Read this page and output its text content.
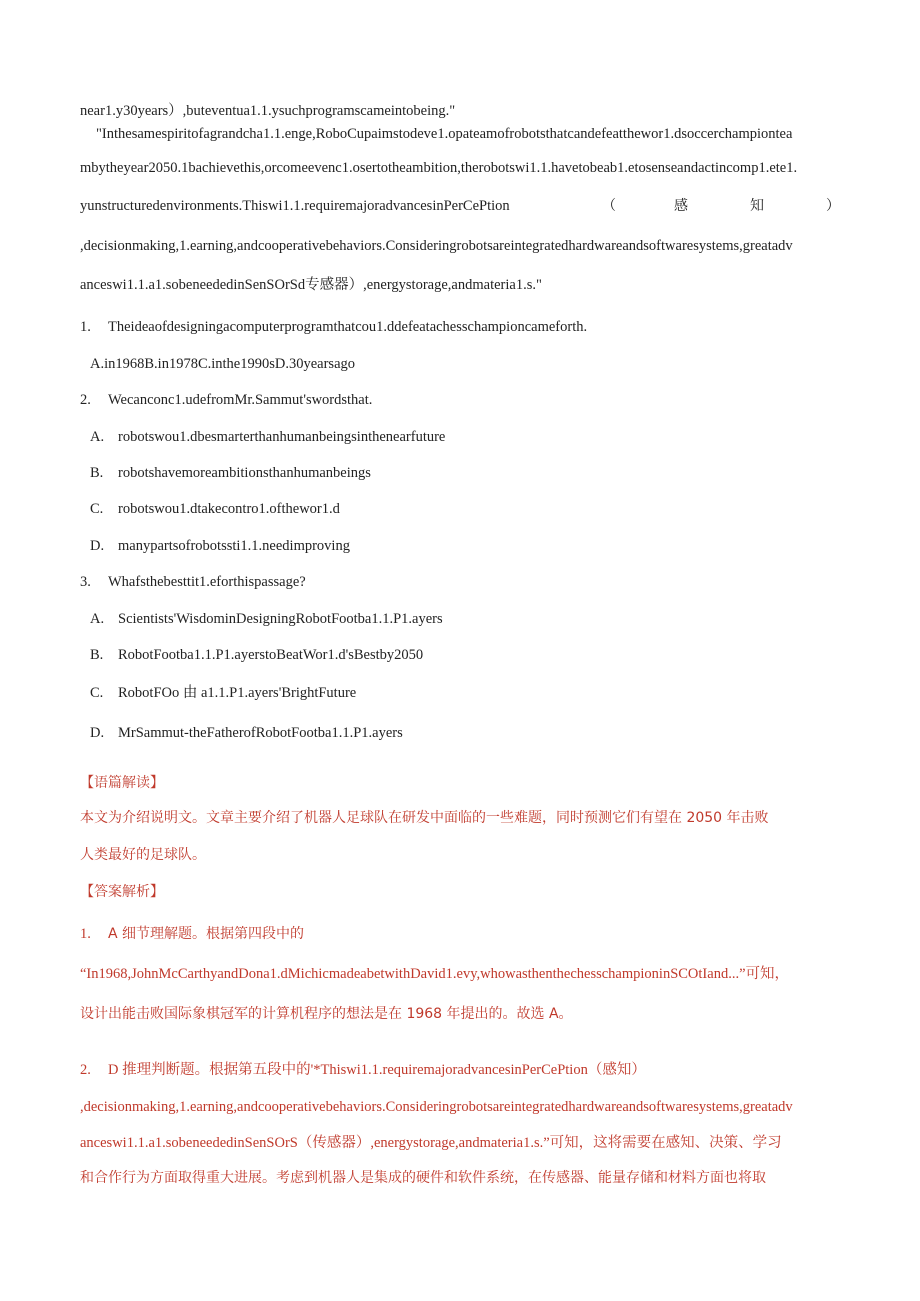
near1.y30years）,buteventua1.1.ysuchprogramscameintobeing."
"Inthesamespiritofagrandcha1.1.enge,RoboCupaimstodeve1.opateamofrobotsthatcandefeatthewor1.dsoccerchampiontea
mbytheyear2050.1bachievethis,orcomeevenc1.osertotheambition,therobotswi1.1.havetobeab1.etosenseandactincomp1.ete1.
yunstructuredenvironments.Thiswi1.1.requiremajoradvancesinPerCePtion	（	感	知	）
,decisionmaking,1.earning,andcooperativebehaviors.Consideringrobotsareintegratedhardwareandsoftwaresystems,greatadv
anceswi1.1.a1.sobeneededinSenSOrSd专感器）,energystorage,andmateria1.s."
1. Theideaofdesigningacomputerprogramthatcou1.ddefeatachesschampioncameforth.
A.in1968B.in1978C.inthe1990sD.30yearsago
2. Wecanconc1.udefromMr.Sammut'swordsthat.
A. robotswou1.dbesmarterthanhumanbeingsinthenearfuture
B. robotshavemoreambitionsthanhumanbeings
C. robotswou1.dtakecontro1.ofthewor1.d
D. manypartsofrobotssti1.1.needimproving
3. Whafsthebesttit1.eforthispassage?
A. Scientists'WisdominDesigningRobotFootba1.1.P1.ayers
B. RobotFootba1.1.P1.ayerstoBeatWor1.d'sBestby2050
C. RobotFOo 由 a1.1.P1.ayers'BrightFuture
D. MrSammut-theFatherofRobotFootba1.1.P1.ayers
【语篇解读】
本文为介绍说明文。文章主要介绍了机器人足球队在研发中面临的一些难题，同时预测它们有望在 2050 年击败
人类最好的足球队。
【答案解析】
1. A 细节理解题。根据第四段中的
“In1968,JohnMcCarthyandDona1.dMichicmadeabetwithDavid1.evy,whowasthenthechesschampioninSCOtIand...”可知，
设计出能击败国际象棋冠军的计算机程序的想法是在 1968 年提出的。故选 A。
2. D 推理判断题。根据第五段中的'*Thiswi1.1.requiremajoradvancesinPerCePtion（感知）
,decisionmaking,1.earning,andcooperativebehaviors.Consideringrobotsareintegratedhardwareandsoftwaresystems,greatadv
anceswi1.1.a1.sobeneededinSenSOrS（传感器）,energystorage,andmateria1.s.”可知，这将需要在感知、决策、学习
和合作行为方面取得重大进展。考虑到机器人是集成的硬件和软件系统，在传感器、能量存储和材料方面也将取
